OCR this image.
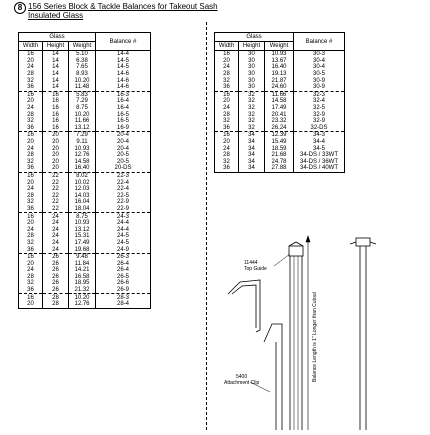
8 156 Series Block & Tackle Balances for Takeout Sash
Insulated Glass
Glass			Balance #
Width	Height	Weight	
16	14	5.10	14-4
20	14	6.38	14-5
24	14	7.65	14-5
28	14	8.93	14-6
32	14	10.20	14-6
36	14	11.48	14-6
16	16	5.83	16-3
20	16	7.29	16-4
24	16	8.75	16-4
28	16	10.20	16-5
32	16	11.66	16-5
36	16	13.12	16-9
16	20	7.29	20-4
20	20	9.11	20-4
24	20	10.93	20-4
28	20	12.76	20-5
32	20	14.58	20-5
36	20	16.40	20-DS
16	22	8.02	22-3
20	22	10.02	22-4
24	22	12.03	22-4
28	22	14.03	22-5
32	22	16.04	22-9
36	22	18.04	22-9
16	24	8.75	24-3
20	24	10.93	24-4
24	24	13.12	24-4
28	24	15.31	24-5
32	24	17.49	24-5
36	24	19.68	24-9
16	26	9.48	26-3
20	26	11.84	26-4
24	26	14.21	26-4
28	26	16.58	26-5
32	26	18.95	26-6
36	26	21.32	26-9
16	28	10.20	28-3
20	28	12.76	28-4
Glass			Balance #
Width	Height	Weight	
16	30	10.93	30-3
20	30	13.67	30-4
24	30	16.40	30-4
28	30	19.13	30-5
32	30	21.87	30-9
36	30	24.60	30-9
16	32	11.66	32-3
20	32	14.58	32-4
24	32	17.49	32-5
28	32	20.41	32-9
32	32	23.32	32-9
36	32	26.24	32-DS
16	34	12.39	34-3
20	34	15.49	34-4
24	34	18.59	34-5
28	34	21.68	34-DS / 33WT
32	34	24.78	34-DS / 36WT
36	34	27.88	34-DS / 40WT
11444
Top Guide
5400
Attachment Clip
Balance Length is 1" Longer than Cutout
